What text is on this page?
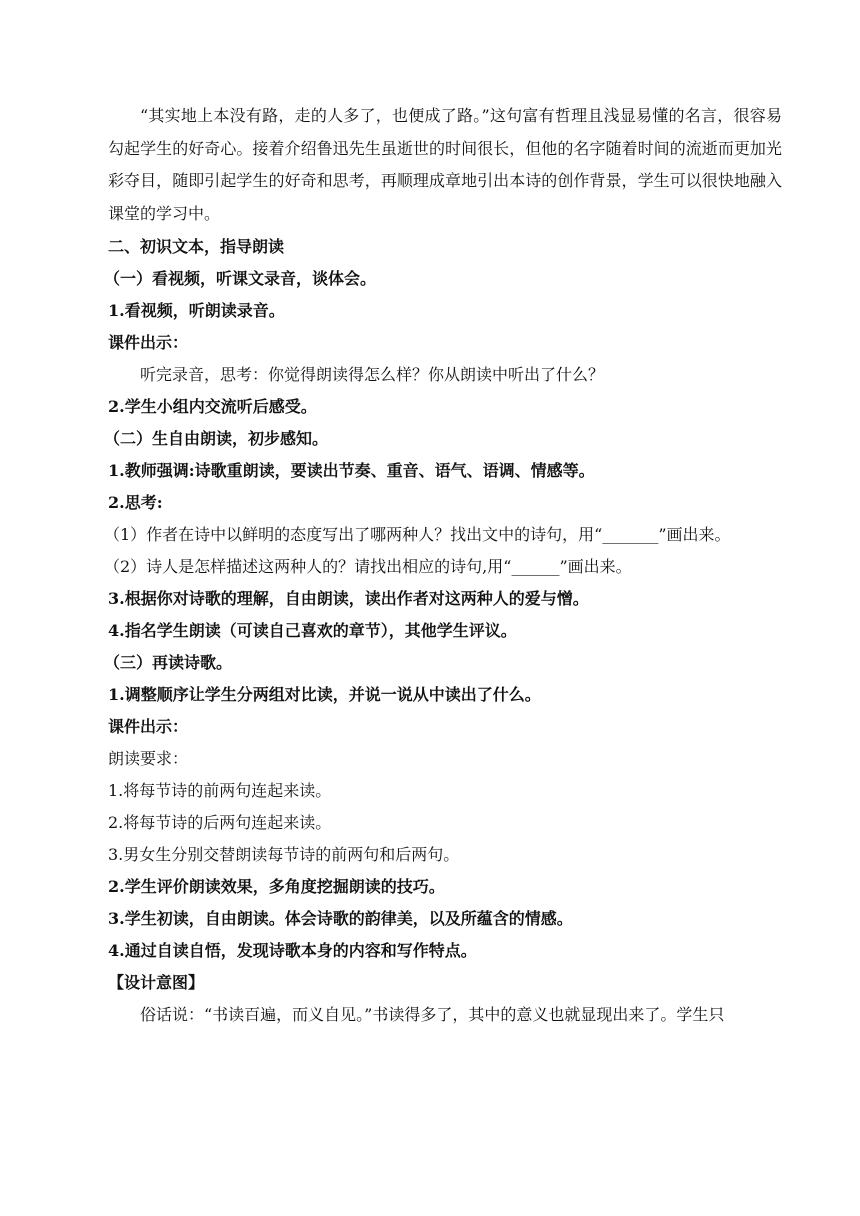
“其实地上本没有路，走的人多了，也便成了路。”这句富有哲理且浅显易懂的名言，很容易勾起学生的好奇心。接着介绍鲁迅先生虽逝世的时间很长，但他的名字随着时间的流逝而更加光彩夺目，随即引起学生的好奇和思考，再顺理成章地引出本诗的创作背景，学生可以很快地融入课堂的学习中。

二、初识文本，指导朗读
（一）看视频，听课文录音，谈体会。
1.看视频，听朗读录音。
课件出示：
听完录音，思考：你觉得朗读得怎么样？你从朗读中听出了什么？
2.学生小组内交流听后感受。
（二）生自由朗读，初步感知。
1.教师强调:诗歌重朗读，要读出节奏、重音、语气、语调、情感等。
2.思考:
（1）作者在诗中以鲜明的态度写出了哪两种人？找出文中的诗句，用“_______”画出来。
（2）诗人是怎样描述这两种人的？请找出相应的诗句,用“______”画出来。
3.根据你对诗歌的理解，自由朗读，读出作者对这两种人的爱与憎。
4.指名学生朗读（可读自己喜欢的章节），其他学生评议。
（三）再读诗歌。
1.调整顺序让学生分两组对比读，并说一说从中读出了什么。
课件出示：
朗读要求：
1.将每节诗的前两句连起来读。
2.将每节诗的后两句连起来读。
3.男女生分别交替朗读每节诗的前两句和后两句。
2.学生评价朗读效果，多角度挖掘朗读的技巧。
3.学生初读，自由朗读。体会诗歌的韵律美，以及所蕴含的情感。
4.通过自读自悟，发现诗歌本身的内容和写作特点。
【设计意图】
俗话说：“书读百遍，而义自见。”书读得多了，其中的意义也就显现出来了。学生只
